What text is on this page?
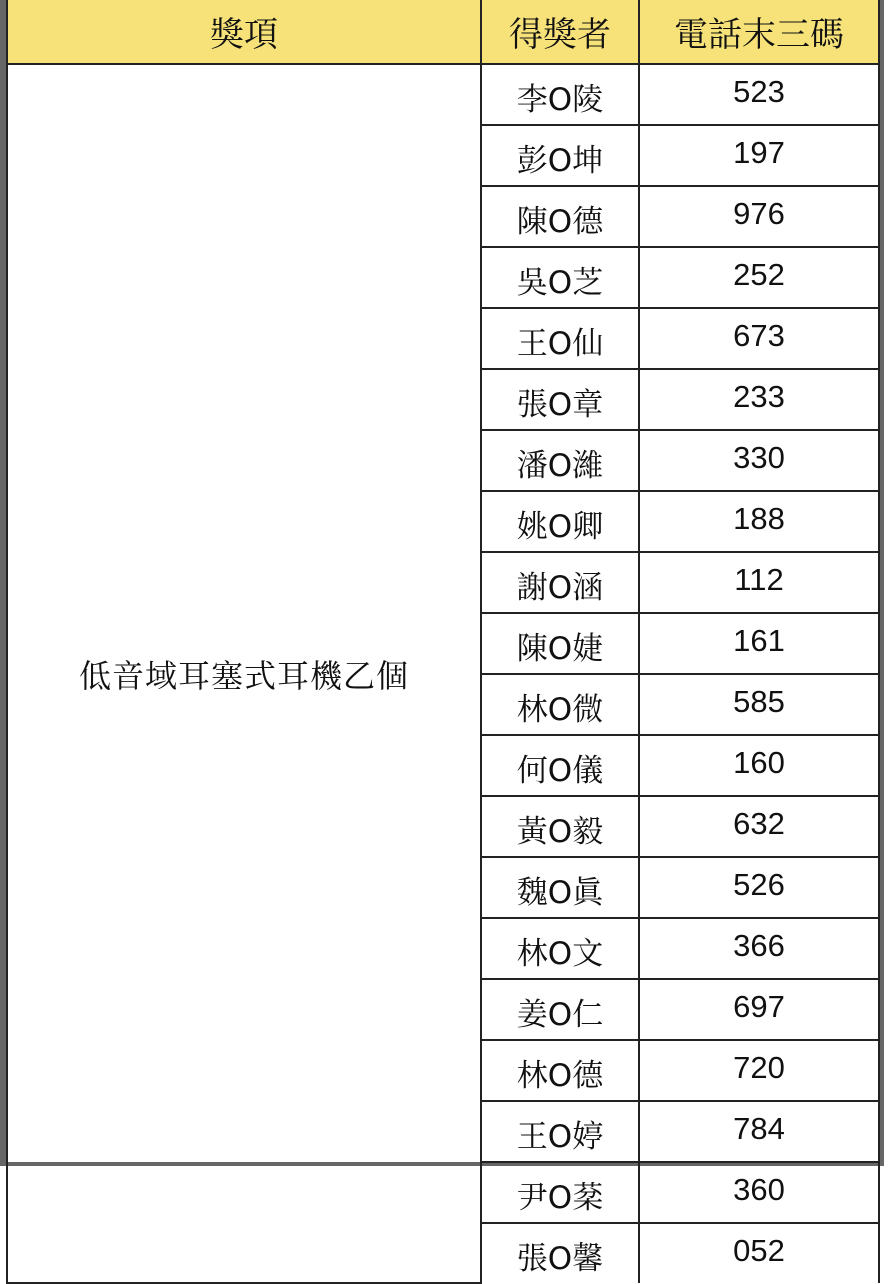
獎項	得獎者	電話末三碼
低音域耳塞式耳機乙個	李O陵	523
	彭O坤	197
	陳O德	976
	吳O芝	252
	王O仙	673
	張O章	233
	潘O濰	330
	姚O卿	188
	謝O涵	112
	陳O婕	161
	林O微	585
	何O儀	160
	黃O毅	632
	魏O眞	526
	林O文	366
	姜O仁	697
	林O德	720
	王O婷	784
	尹O棻	360
	張O馨	052
